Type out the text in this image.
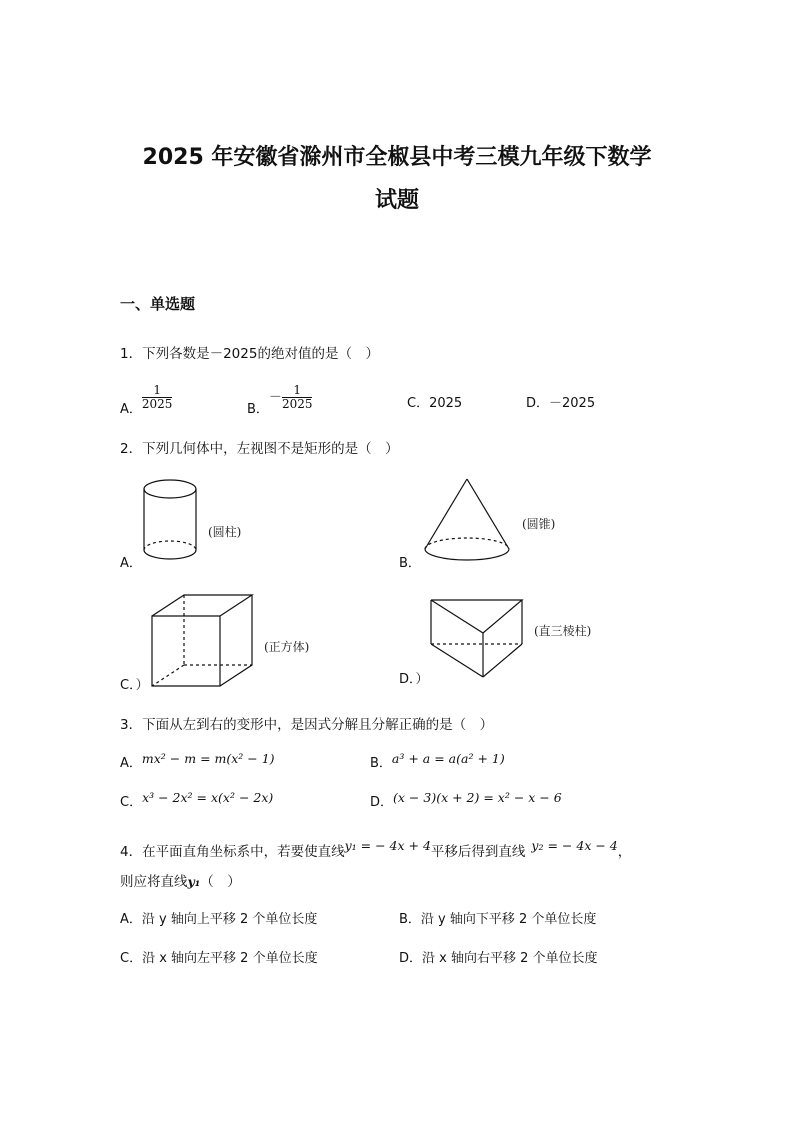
2025 年安徽省滁州市全椒县中考三模九年级下数学
试题
一、单选题
1．下列各数是－2025的绝对值的是（　）
A． $\frac{1}{2025}$	B．－ $\frac{1}{2025}$	C．2025	D．－2025
2．下列几何体中，左视图不是矩形的是（　）
(圆柱)
A．
(圆锥)
B．
(正方体)
C．）
(直三棱柱)
D．）
3．下面从左到右的变形中，是因式分解且分解正确的是（　）
A．mx² − m = m(x² − 1)	B．a³ + a = a(a² + 1)
C．x³ − 2x² = x(x² − 2x)	D．(x − 3)(x + 2) = x² − x − 6
4．在平面直角坐标系中，若要使直线y₁ = − 4x + 4平移后得到直线 y₂ = − 4x − 4，
则应将直线y₁（　）
A．沿 y 轴向上平移 2 个单位长度	B．沿 y 轴向下平移 2 个单位长度
C．沿 x 轴向左平移 2 个单位长度	D．沿 x 轴向右平移 2 个单位长度
